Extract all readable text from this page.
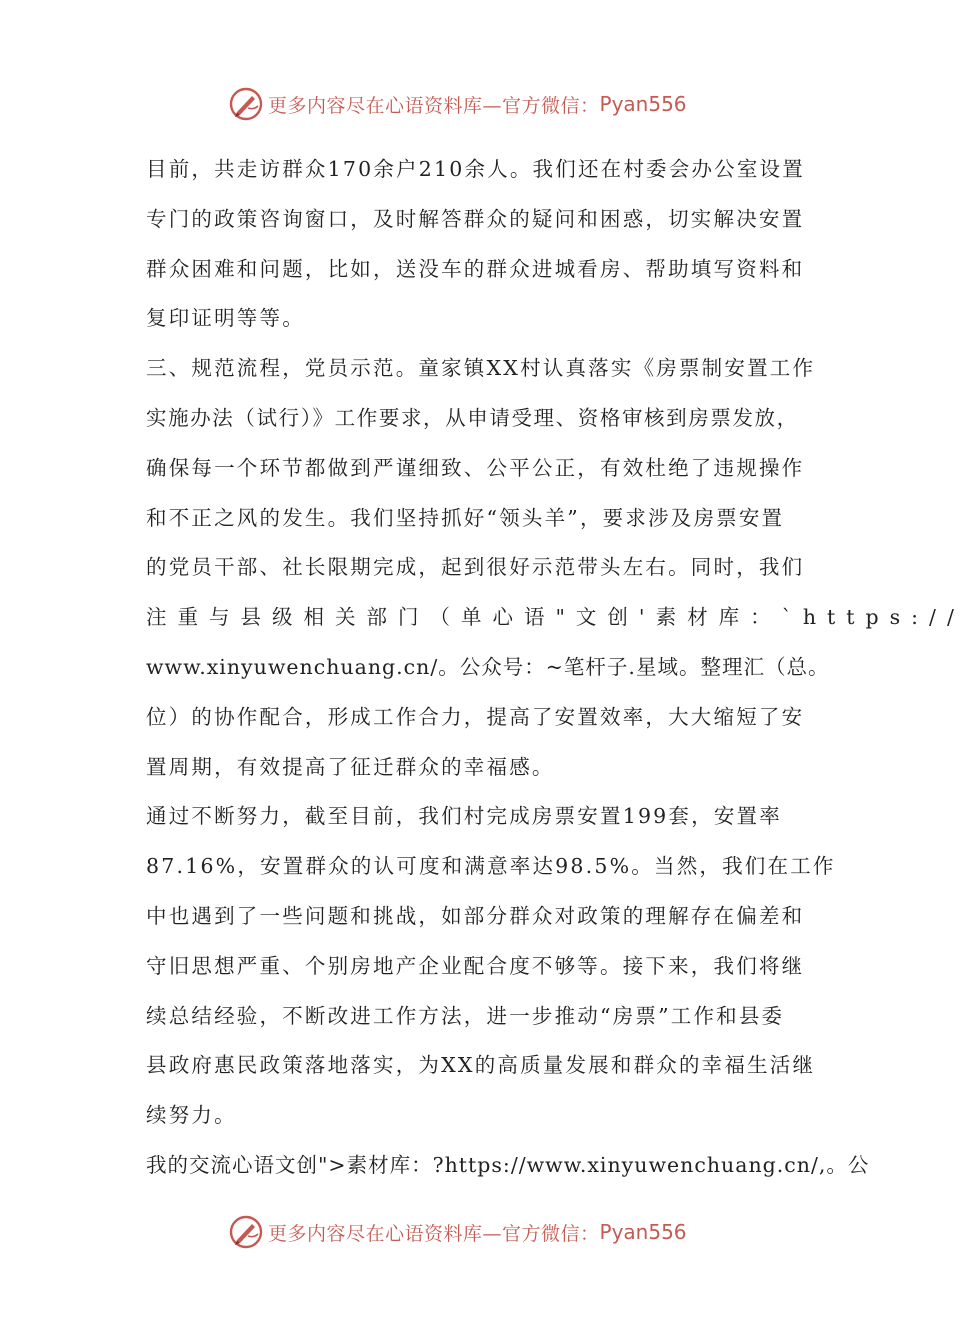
更多内容尽在心语资料库—官方微信： Pyan556
目前，共走访群众170余户210余人。我们还在村委会办公室设置
专门的政策咨询窗口，及时解答群众的疑问和困惑，切实解决安置
群众困难和问题，比如，送没车的群众进城看房、帮助填写资料和
复印证明等等。
三、规范流程，党员示范。童家镇XX村认真落实《房票制安置工作
实施办法（试行）》工作要求，从申请受理、资格审核到房票发放，
确保每一个环节都做到严谨细致、公平公正，有效杜绝了违规操作
和不正之风的发生。我们坚持抓好“领头羊”，要求涉及房票安置
的党员干部、社长限期完成，起到很好示范带头左右。同时，我们
注重与县级相关部门（单心语"文创'素材库：`https://
www.xinyuwenchuang.cn/。公众号：~笔杆子.星域。整理汇（总。
位）的协作配合，形成工作合力，提高了安置效率，大大缩短了安
置周期，有效提高了征迁群众的幸福感。
通过不断努力，截至目前，我们村完成房票安置199套，安置率
87.16%，安置群众的认可度和满意率达98.5%。当然，我们在工作
中也遇到了一些问题和挑战，如部分群众对政策的理解存在偏差和
守旧思想严重、个别房地产企业配合度不够等。接下来，我们将继
续总结经验，不断改进工作方法，进一步推动“房票”工作和县委
县政府惠民政策落地落实，为XX的高质量发展和群众的幸福生活继
续努力。
我的交流心语文创">素材库：?https://www.xinyuwenchuang.cn/,。公
更多内容尽在心语资料库—官方微信： Pyan556
